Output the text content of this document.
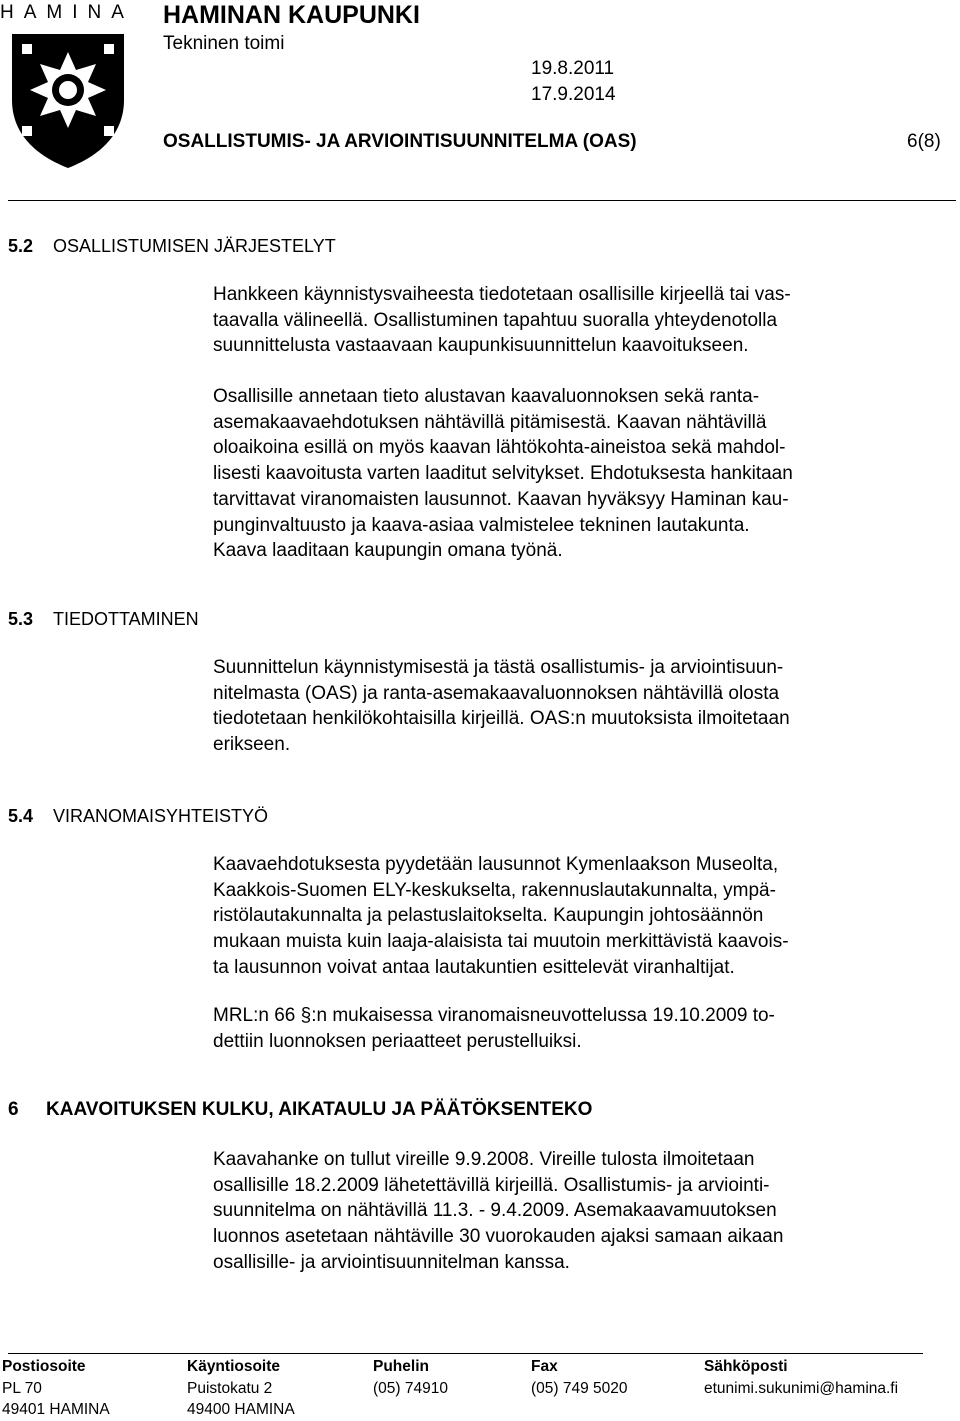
HAMINA HAMINAN KAUPUNKI
Tekninen toimi
19.8.2011
17.9.2014
OSALLISTUMIS- JA ARVIOINTISUUNNITELMA (OAS)	6(8)
5.2 OSALLISTUMISEN JÄRJESTELYT
Hankkeen käynnistysvaiheesta tiedotetaan osallisille kirjeellä tai vas-
taavalla välineellä. Osallistuminen tapahtuu suoralla yhteydenotolla
suunnittelusta vastaavaan kaupunkisuunnittelun kaavoitukseen.
Osallisille annetaan tieto alustavan kaavaluonnoksen sekä ranta-
asemakaavaehdotuksen nähtävillä pitämisestä. Kaavan nähtävillä
oloaikoina esillä on myös kaavan lähtökohta-aineistoa sekä mahdol-
lisesti kaavoitusta varten laaditut selvitykset. Ehdotuksesta hankitaan
tarvittavat viranomaisten lausunnot. Kaavan hyväksyy Haminan kau-
punginvaltuusto ja kaava-asiaa valmistelee tekninen lautakunta.
Kaava laaditaan kaupungin omana työnä.
5.3 TIEDOTTAMINEN
Suunnittelun käynnistymisestä ja tästä osallistumis- ja arviointisuun-
nitelmasta (OAS) ja ranta-asemakaavaluonnoksen nähtävillä olosta
tiedotetaan henkilökohtaisilla kirjeillä. OAS:n muutoksista ilmoitetaan
erikseen.
5.4 VIRANOMAISYHTEISTYÖ
Kaavaehdotuksesta pyydetään lausunnot Kymenlaakson Museolta,
Kaakkois-Suomen ELY-keskukselta, rakennuslautakunnalta, ympä-
ristölautakunnalta ja pelastuslaitokselta. Kaupungin johtosäännön
mukaan muista kuin laaja-alaisista tai muutoin merkittävistä kaavois-
ta lausunnon voivat antaa lautakuntien esittelevät viranhaltijat.
MRL:n 66 §:n mukaisessa viranomaisneuvottelussa 19.10.2009 to-
dettiin luonnoksen periaatteet perustelluiksi.
6 KAAVOITUKSEN KULKU, AIKATAULU JA PÄÄTÖKSENTEKO
Kaavahanke on tullut vireille 9.9.2008. Vireille tulosta ilmoitetaan
osallisille 18.2.2009 lähetettävillä kirjeillä. Osallistumis- ja arviointi-
suunnitelma on nähtävillä 11.3. - 9.4.2009. Asemakaavamuutoksen
luonnos asetetaan nähtäville 30 vuorokauden ajaksi samaan aikaan
osallisille- ja arviointisuunnitelman kanssa.
Postiosoite
PL 70
49401 HAMINA
Käyntiosoite
Puistokatu 2
49400 HAMINA
Puhelin
(05) 74910
Fax
(05) 749 5020
Sähköposti
etunimi.sukunimi@hamina.fi
